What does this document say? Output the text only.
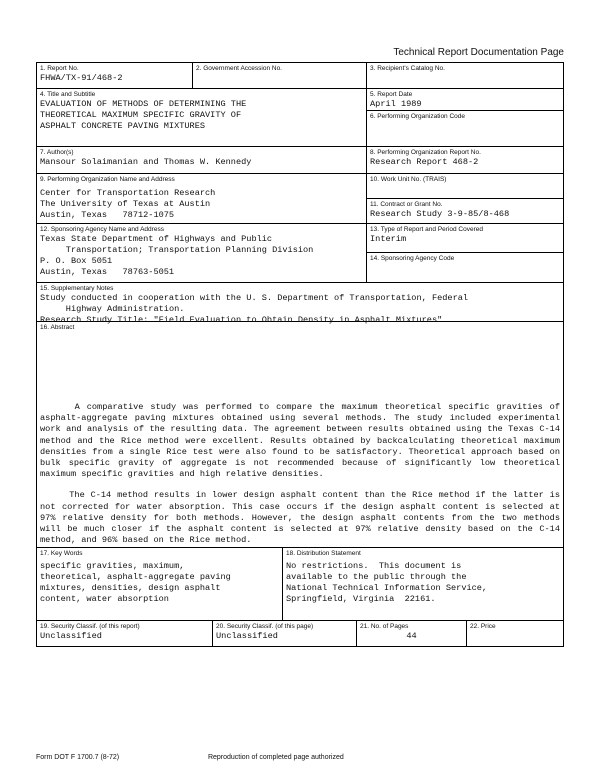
Technical Report Documentation Page
1. Report No.
FHWA/TX-91/468-2
2. Government Accession No.	3. Recipient's Catalog No.
4. Title and Subtitle
EVALUATION OF METHODS OF DETERMINING THE
THEORETICAL MAXIMUM SPECIFIC GRAVITY OF
ASPHALT CONCRETE PAVING MIXTURES
5. Report Date
April 1989
6. Performing Organization Code
7. Author(s)
Mansour Solaimanian and Thomas W. Kennedy
8. Performing Organization Report No.
Research Report 468-2
9. Performing Organization Name and Address
Center for Transportation Research
The University of Texas at Austin
Austin, Texas   78712-1075
10. Work Unit No. (TRAIS)
11. Contract or Grant No.
Research Study 3-9-85/8-468
12. Sponsoring Agency Name and Address
Texas State Department of Highways and Public
Transportation; Transportation Planning Division
P. O. Box 5051
Austin, Texas   78763-5051
13. Type of Report and Period Covered
Interim
14. Sponsoring Agency Code
15. Supplementary Notes
Study conducted in cooperation with the U. S. Department of Transportation, Federal
Highway Administration.
Research Study Title: "Field Evaluation to Obtain Density in Asphalt Mixtures"
16. Abstract
A comparative study was performed to compare the maximum theoretical specific gravities of asphalt-aggregate paving mixtures obtained using several methods. The study included experimental work and analysis of the resulting data. The agreement between results obtained using the Texas C-14 method and the Rice method were excellent. Results obtained by backcalculating theoretical maximum densities from a single Rice test were also found to be satisfactory. Theoretical approach based on bulk specific gravity of aggregate is not recommended because of significantly low theoretical maximum specific gravities and high relative densities.
The C-14 method results in lower design asphalt content than the Rice method if the latter is not corrected for water absorption. This case occurs if the design asphalt content is selected at 97% relative density for both methods. However, the design asphalt contents from the two methods will be much closer if the asphalt content is selected at 97% relative density based on the C-14 method, and 96% based on the Rice method.
17. Key Words
specific gravities, maximum,
theoretical, asphalt-aggregate paving
mixtures, densities, design asphalt
content, water absorption
18. Distribution Statement
No restrictions.  This document is
available to the public through the
National Technical Information Service,
Springfield, Virginia  22161.
19. Security Classif. (of this report)
Unclassified
20. Security Classif. (of this page)
Unclassified
21. No. of Pages
44
22. Price
Form DOT F 1700.7 (8-72)	Reproduction of completed page authorized
